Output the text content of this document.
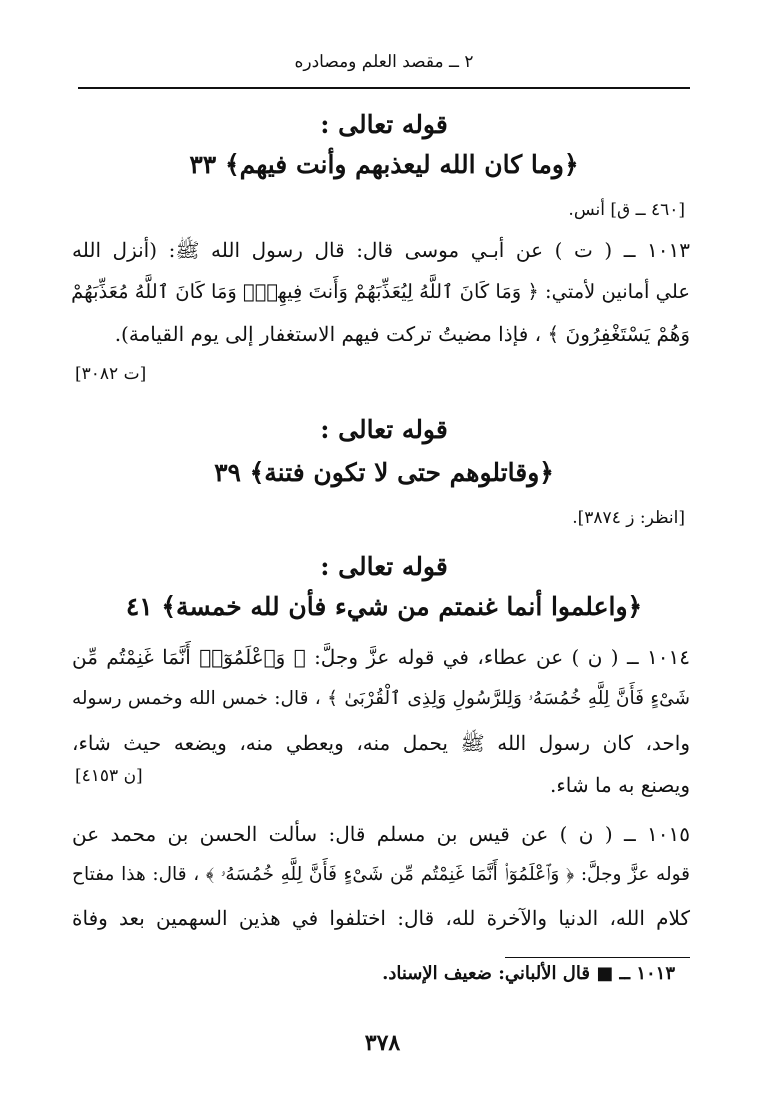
٢ ــ مقصد العلم ومصادره
قوله تعالى :
﴿وما كان الله ليعذبهم وأنت فيهم﴾ ٣٣
[٤٦٠ ــ ق] أنس.
١٠١٣ ــ ( ت ) عن أبـي موسى قال: قال رسول الله ﷺ: (أنزل الله
علي أمانين لأمتي: ﴿ وَمَا كَانَ ٱللَّهُ لِيُعَذِّبَهُمْ وَأَنتَ فِيهِمْۚ وَمَا كَانَ ٱللَّهُ مُعَذِّبَهُمْ
وَهُمْ يَسْتَغْفِرُونَ ﴾ ، فإذا مضيتُ تركت فيهم الاستغفار إلى يوم القيامة).
[ت ٣٠٨٢]
قوله تعالى :
﴿وقاتلوهم حتى لا تكون فتنة﴾ ٣٩
[انظر: ز ٣٨٧٤].
قوله تعالى :
﴿واعلموا أنما غنمتم من شيء فأن لله خمسة﴾ ٤١
١٠١٤ ــ ( ن ) عن عطاء، في قوله عزَّ وجلَّ: ﴿ وَٱعْلَمُوٓا۟ أَنَّمَا غَنِمْتُم مِّن
شَىْءٍ فَأَنَّ لِلَّهِ خُمُسَهُۥ وَلِلرَّسُولِ وَلِذِى ٱلْقُرْبَىٰ ﴾ ، قال: خمس الله وخمس رسوله
واحد، كان رسول الله ﷺ يحمل منه، ويعطي منه، ويضعه حيث شاء،
ويصنع به ما شاء.
[ن ٤١٥٣]
١٠١٥ ــ ( ن ) عن قيس بن مسلم قال: سألت الحسن بن محمد عن
قوله عزَّ وجلَّ: ﴿ وَٱعْلَمُوٓا۟ أَنَّمَا غَنِمْتُم مِّن شَىْءٍ فَأَنَّ لِلَّهِ خُمُسَهُۥ ﴾ ، قال: هذا مفتاح
كلام الله، الدنيا والآخرة لله، قال: اختلفوا في هذين السهمين بعد وفاة
١٠١٣ ــ ■ قال الألباني: ضعيف الإسناد.
٣٧٨
